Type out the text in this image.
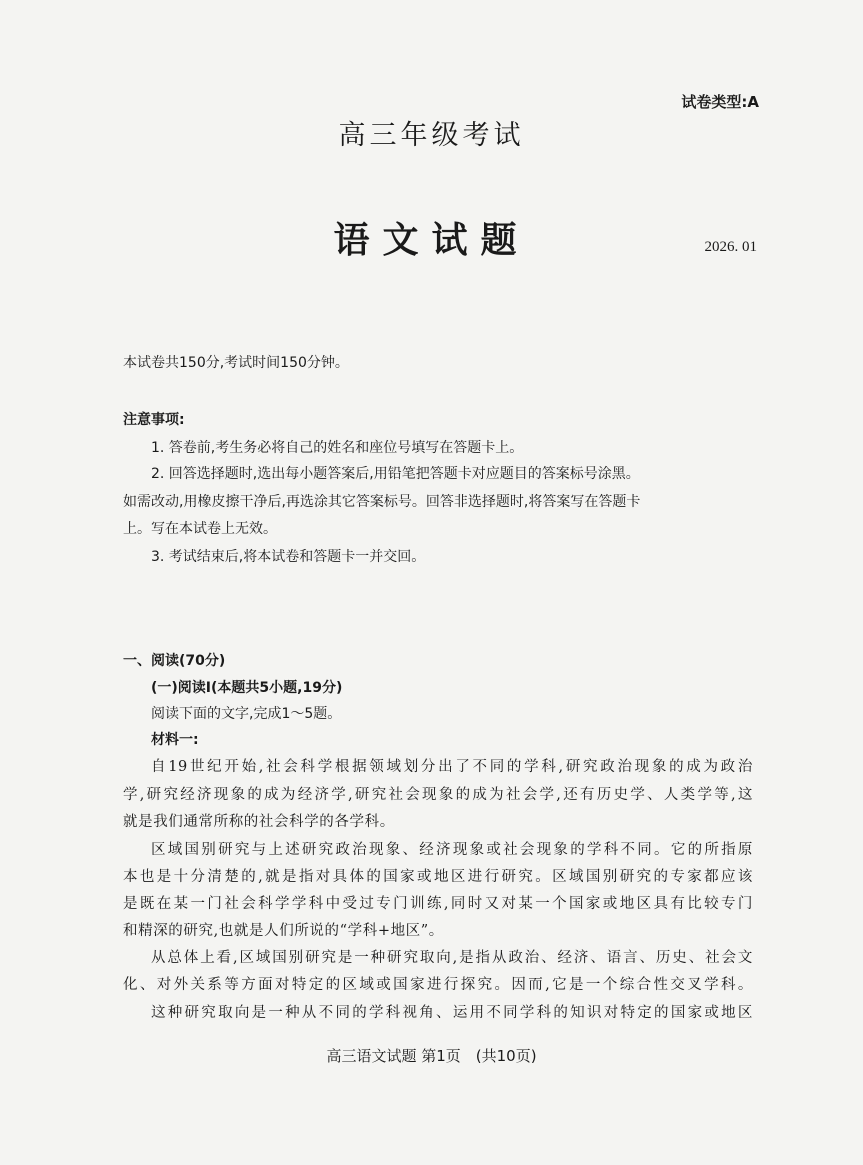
试卷类型:A
高三年级考试
语文试题	2026. 01
本试卷共150分,考试时间150分钟。
注意事项:
1. 答卷前,考生务必将自己的姓名和座位号填写在答题卡上。
2. 回答选择题时,选出每小题答案后,用铅笔把答题卡对应题目的答案标号涂黑。
如需改动,用橡皮擦干净后,再选涂其它答案标号。回答非选择题时,将答案写在答题卡
上。写在本试卷上无效。
3. 考试结束后,将本试卷和答题卡一并交回。
一、阅读(70分)
(一)阅读Ⅰ(本题共5小题,19分)
阅读下面的文字,完成1～5题。
材料一:
自19世纪开始,社会科学根据领域划分出了不同的学科,研究政治现象的成为政治
学,研究经济现象的成为经济学,研究社会现象的成为社会学,还有历史学、人类学等,这
就是我们通常所称的社会科学的各学科。
区域国别研究与上述研究政治现象、经济现象或社会现象的学科不同。它的所指原
本也是十分清楚的,就是指对具体的国家或地区进行研究。区域国别研究的专家都应该
是既在某一门社会科学学科中受过专门训练,同时又对某一个国家或地区具有比较专门
和精深的研究,也就是人们所说的“学科+地区”。
从总体上看,区域国别研究是一种研究取向,是指从政治、经济、语言、历史、社会文
化、对外关系等方面对特定的区域或国家进行探究。因而,它是一个综合性交叉学科。
这种研究取向是一种从不同的学科视角、运用不同学科的知识对特定的国家或地区
高三语文试题 第1页　(共10页)
